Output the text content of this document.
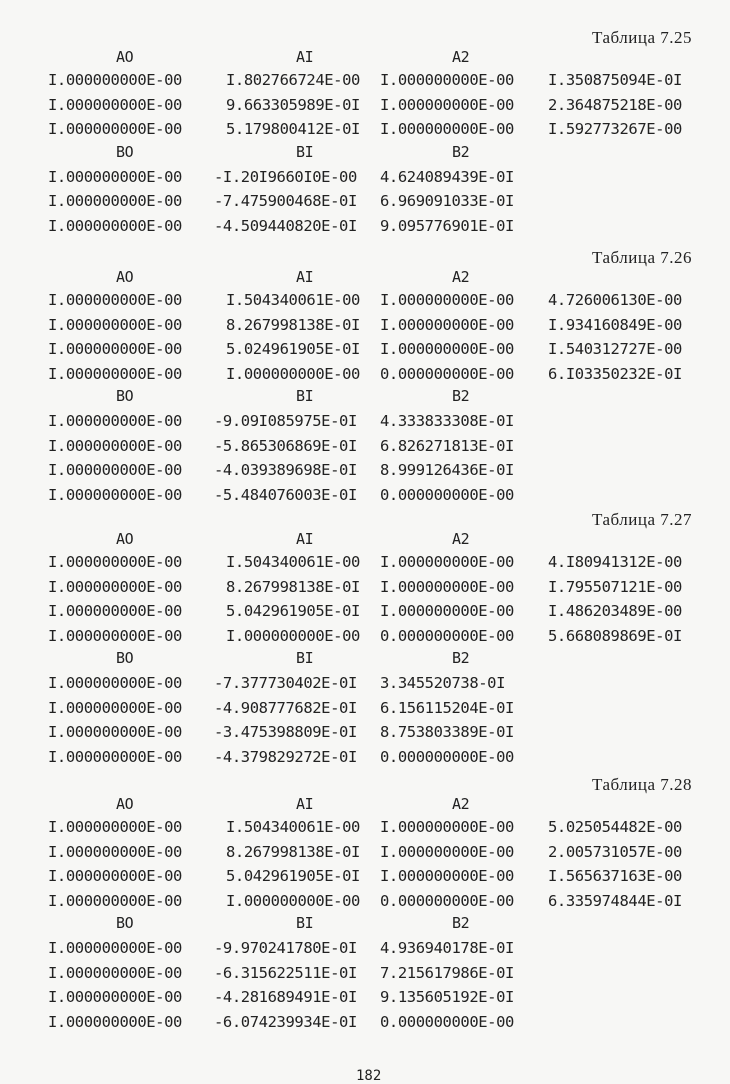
Таблица 7.25
AO	AI	A2
I.000000000E-00	I.802766724E-00 I.000000000E-00 I.350875094E-0I
I.000000000E-00	9.663305989E-0I I.000000000E-00 2.364875218E-00
I.000000000E-00	5.179800412E-0I I.000000000E-00 I.592773267E-00
BO	BI	B2
I.000000000E-00 -I.20I9660I0E-00 4.624089439E-0I
I.000000000E-00 -7.475900468E-0I 6.969091033E-0I
I.000000000E-00 -4.509440820E-0I 9.095776901E-0I
Таблица 7.26
AO	AI	A2
I.000000000E-00	I.504340061E-00 I.000000000E-00 4.726006130E-00
I.000000000E-00	8.267998138E-0I I.000000000E-00 I.934160849E-00
I.000000000E-00	5.024961905E-0I I.000000000E-00 I.540312727E-00
I.000000000E-00	I.000000000E-00 0.000000000E-00 6.I03350232E-0I
BO	BI	B2
I.000000000E-00 -9.09I085975E-0I 4.333833308E-0I
I.000000000E-00 -5.865306869E-0I 6.826271813E-0I
I.000000000E-00 -4.039389698E-0I 8.999126436E-0I
I.000000000E-00 -5.484076003E-0I 0.000000000E-00
Таблица 7.27
AO	AI	A2
I.000000000E-00	I.504340061E-00 I.000000000E-00 4.I80941312E-00
I.000000000E-00	8.267998138E-0I I.000000000E-00 I.795507121E-00
I.000000000E-00	5.042961905E-0I I.000000000E-00 I.486203489E-00
I.000000000E-00	I.000000000E-00 0.000000000E-00 5.668089869E-0I
BO	BI	B2
I.000000000E-00 -7.377730402E-0I 3.345520738-0I
I.000000000E-00 -4.908777682E-0I 6.156115204E-0I
I.000000000E-00 -3.475398809E-0I 8.753803389E-0I
I.000000000E-00 -4.379829272E-0I 0.000000000E-00
Таблица 7.28
AO	AI	A2
I.000000000E-00	I.504340061E-00 I.000000000E-00 5.025054482E-00
I.000000000E-00	8.267998138E-0I I.000000000E-00 2.005731057E-00
I.000000000E-00	5.042961905E-0I I.000000000E-00 I.565637163E-00
I.000000000E-00	I.000000000E-00 0.000000000E-00 6.335974844E-0I
BO	BI	B2
I.000000000E-00 -9.970241780E-0I 4.936940178E-0I
I.000000000E-00 -6.315622511E-0I 7.215617986E-0I
I.000000000E-00 -4.281689491E-0I 9.135605192E-0I
I.000000000E-00 -6.074239934E-0I 0.000000000E-00
182
